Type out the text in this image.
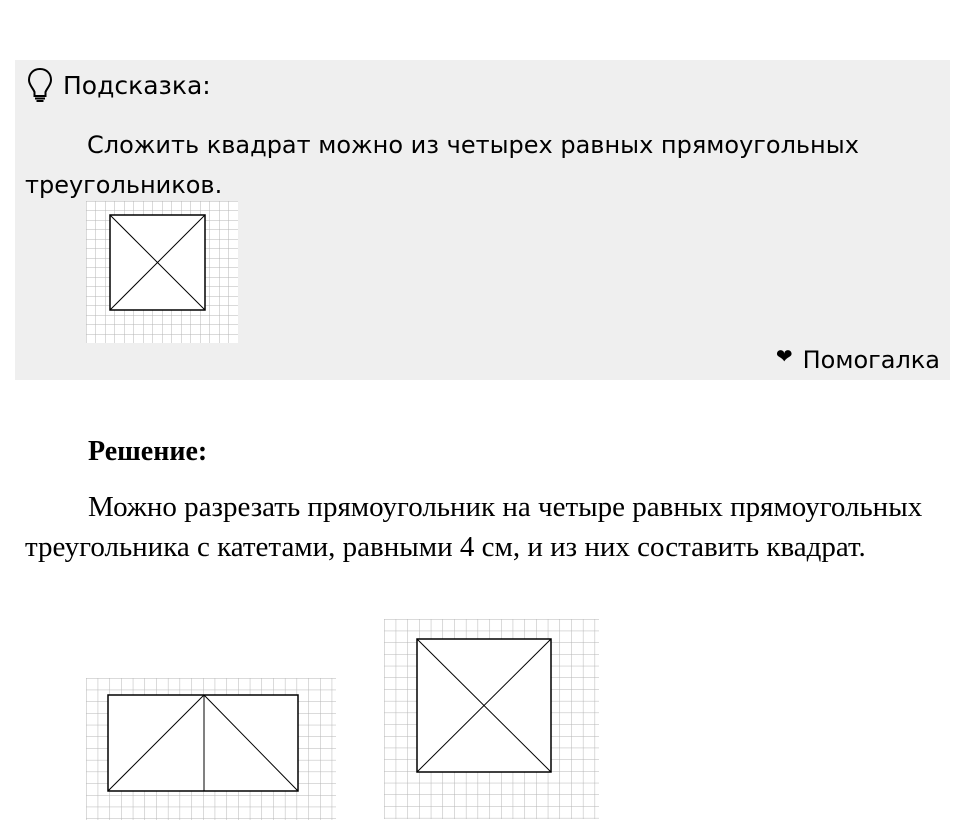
Подсказка:

Сложить квадрат можно из четырех равных прямоугольных треугольников.

❤ Помогалка
Решение:

Можно разрезать прямоугольник на четыре равных прямоугольных треугольника с катетами, равными 4 см, и из них составить квадрат.
